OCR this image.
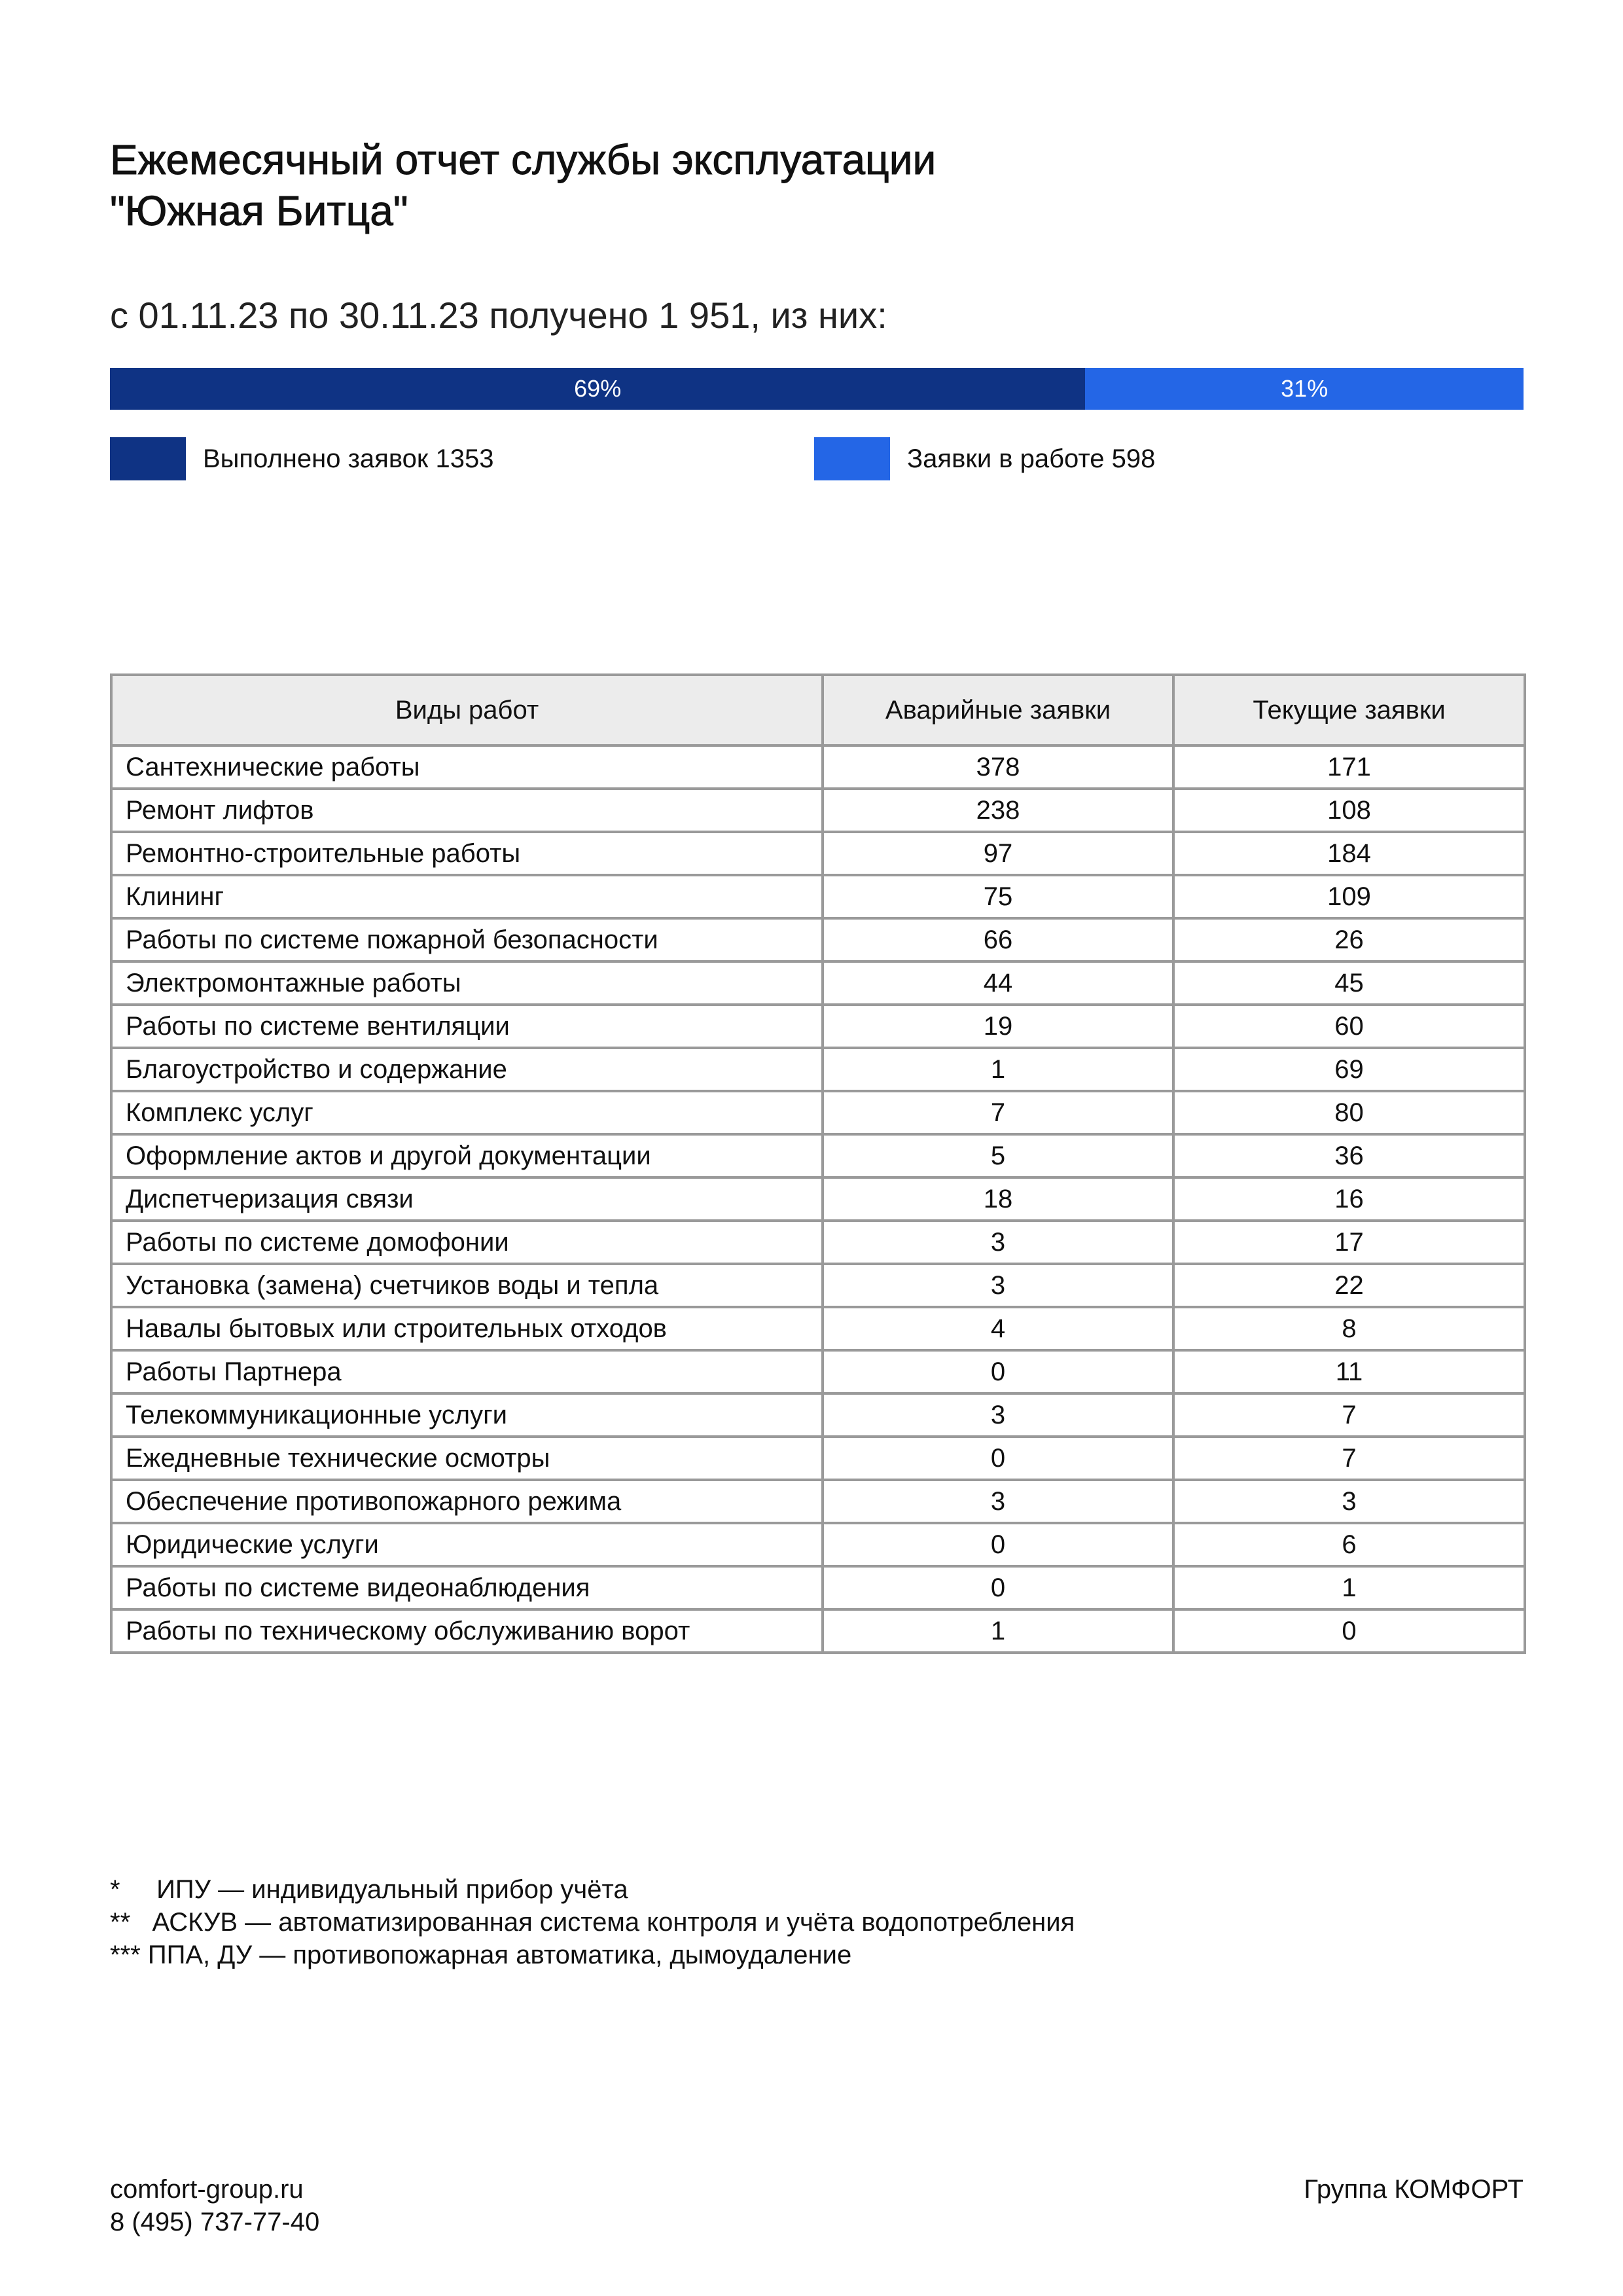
Ежемесячный отчет службы эксплуатации
"Южная Битца"
с 01.11.23 по 30.11.23 получено 1 951, из них:
69%	31%
Выполнено заявок 1353	Заявки в работе 598
Виды работ	Аварийные заявки	Текущие заявки
Сантехнические работы	378	171
Ремонт лифтов	238	108
Ремонтно-строительные работы	97	184
Клининг	75	109
Работы по системе пожарной безопасности	66	26
Электромонтажные работы	44	45
Работы по системе вентиляции	19	60
Благоустройство и содержание	1	69
Комплекс услуг	7	80
Оформление актов и другой документации	5	36
Диспетчеризация связи	18	16
Работы по системе домофонии	3	17
Установка (замена) счетчиков воды и тепла	3	22
Навалы бытовых или строительных отходов	4	8
Работы Партнера	0	11
Телекоммуникационные услуги	3	7
Ежедневные технические осмотры	0	7
Обеспечение противопожарного режима	3	3
Юридические услуги	0	6
Работы по системе видеонаблюдения	0	1
Работы по техническому обслуживанию ворот	1	0
*     ИПУ — индивидуальный прибор учёта
**   АСКУВ — автоматизированная система контроля и учёта водопотребления
*** ППА, ДУ — противопожарная автоматика, дымоудаление
comfort-group.ru
8 (495) 737-77-40
Группа КОМФОРТ
